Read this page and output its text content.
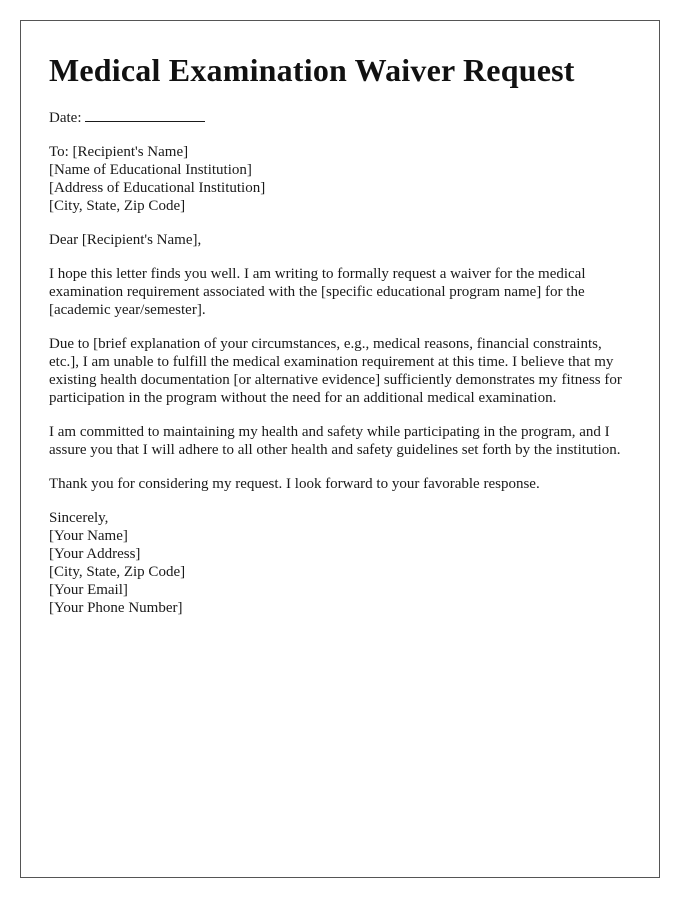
Medical Examination Waiver Request
Date:
To: [Recipient's Name]
[Name of Educational Institution]
[Address of Educational Institution]
[City, State, Zip Code]
Dear [Recipient's Name],

I hope this letter finds you well. I am writing to formally request a waiver for the medical examination requirement associated with the [specific educational program name] for the [academic year/semester].

Due to [brief explanation of your circumstances, e.g., medical reasons, financial constraints, etc.], I am unable to fulfill the medical examination requirement at this time. I believe that my existing health documentation [or alternative evidence] sufficiently demonstrates my fitness for participation in the program without the need for an additional medical examination.

I am committed to maintaining my health and safety while participating in the program, and I assure you that I will adhere to all other health and safety guidelines set forth by the institution.

Thank you for considering my request. I look forward to your favorable response.

Sincerely,
[Your Name]
[Your Address]
[City, State, Zip Code]
[Your Email]
[Your Phone Number]
